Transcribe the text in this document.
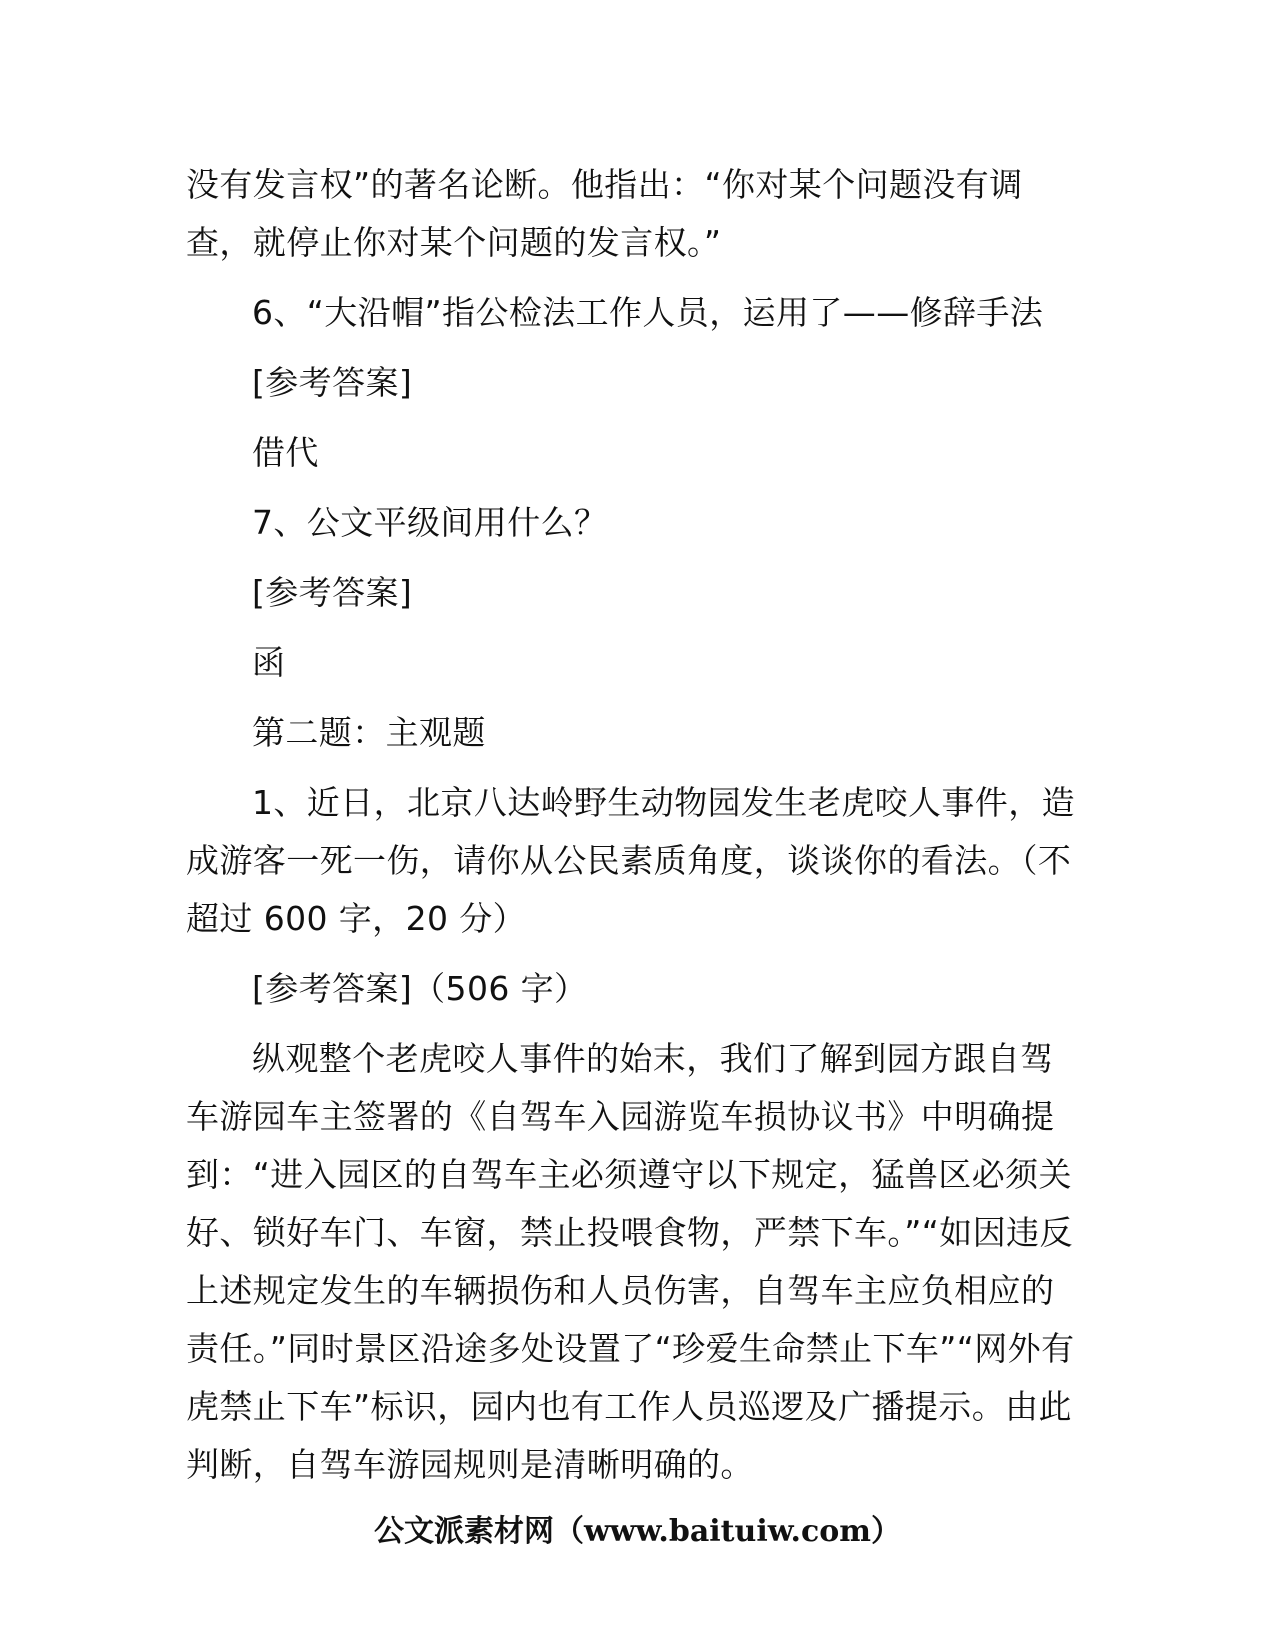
没有发言权”的著名论断。他指出：“你对某个问题没有调查，就停止你对某个问题的发言权。”

6、“大沿帽”指公检法工作人员，运用了——修辞手法

[参考答案]

借代

7、公文平级间用什么？

[参考答案]

函

第二题：主观题

1、近日，北京八达岭野生动物园发生老虎咬人事件，造成游客一死一伤，请你从公民素质角度，谈谈你的看法。（不超过 600 字，20 分）

[参考答案]（506 字）

纵观整个老虎咬人事件的始末，我们了解到园方跟自驾车游园车主签署的《自驾车入园游览车损协议书》中明确提到：“进入园区的自驾车主必须遵守以下规定，猛兽区必须关好、锁好车门、车窗，禁止投喂食物，严禁下车。”“如因违反上述规定发生的车辆损伤和人员伤害，自驾车主应负相应的责任。”同时景区沿途多处设置了“珍爱生命禁止下车”“网外有虎禁止下车”标识，园内也有工作人员巡逻及广播提示。由此判断，自驾车游园规则是清晰明确的。

公文派素材网（www.baituiw.com）
